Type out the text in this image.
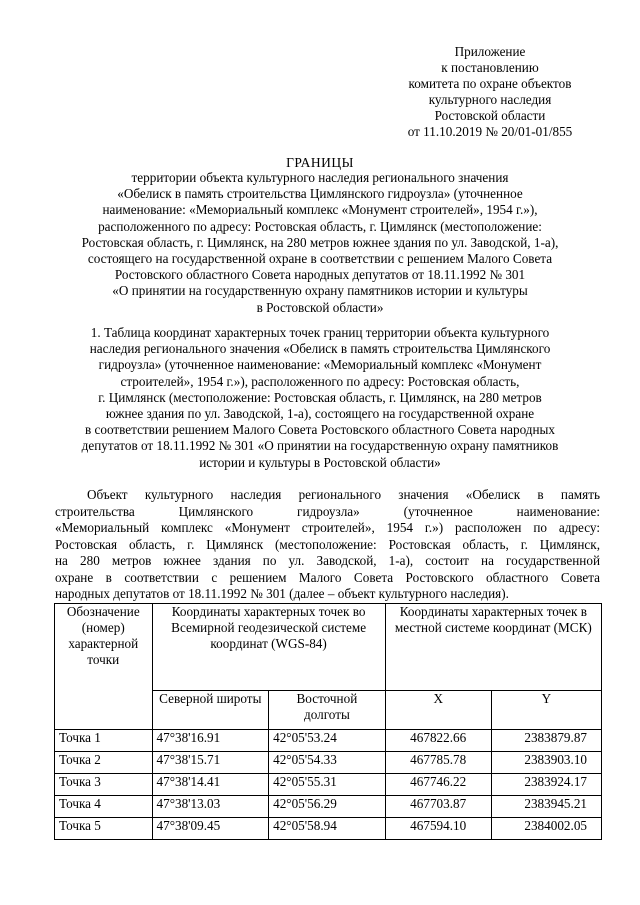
Приложение
к постановлению
комитета по охране объектов
культурного наследия
Ростовской области
от 11.10.2019 № 20/01-01/855
ГРАНИЦЫ
территории объекта культурного наследия регионального значения
«Обелиск в память строительства Цимлянского гидроузла» (уточненное
наименование: «Мемориальный комплекс «Монумент строителей», 1954 г.»),
расположенного по адресу: Ростовская область, г. Цимлянск (местоположение:
Ростовская область, г. Цимлянск, на 280 метров южнее здания по ул. Заводской, 1-а),
состоящего на государственной охране в соответствии с решением Малого Совета
Ростовского областного Совета народных депутатов от 18.11.1992 № 301
«О принятии на государственную охрану памятников истории и культуры
в Ростовской области»
1. Таблица координат характерных точек границ территории объекта культурного
наследия регионального значения «Обелиск в память строительства Цимлянского
гидроузла» (уточненное наименование: «Мемориальный комплекс «Монумент
строителей», 1954 г.»), расположенного по адресу: Ростовская область,
г. Цимлянск (местоположение: Ростовская область, г. Цимлянск, на 280 метров
южнее здания по ул. Заводской, 1-а), состоящего на государственной охране
в соответствии решением Малого Совета Ростовского областного Совета народных
депутатов от 18.11.1992 № 301 «О принятии на государственную охрану памятников
истории и культуры в Ростовской области»
Объект культурного наследия регионального значения «Обелиск в память
строительства Цимлянского гидроузла» (уточненное наименование:
«Мемориальный комплекс «Монумент строителей», 1954 г.») расположен по адресу:
Ростовская область, г. Цимлянск (местоположение: Ростовская область, г. Цимлянск,
на 280 метров южнее здания по ул. Заводской, 1-а), состоит на государственной
охране в соответствии с решением Малого Совета Ростовского областного Совета
народных депутатов от 18.11.1992 № 301 (далее – объект культурного наследия).
Обозначение (номер) характерной точки	Координаты характерных точек во Всемирной геодезической системе координат (WGS-84)		Координаты характерных точек в местной системе координат (МСК)	
	Северной широты	Восточной долготы	X	Y
Точка 1	47°38'16.91	42°05'53.24	467822.66	2383879.87
Точка 2	47°38'15.71	42°05'54.33	467785.78	2383903.10
Точка 3	47°38'14.41	42°05'55.31	467746.22	2383924.17
Точка 4	47°38'13.03	42°05'56.29	467703.87	2383945.21
Точка 5	47°38'09.45	42°05'58.94	467594.10	2384002.05
